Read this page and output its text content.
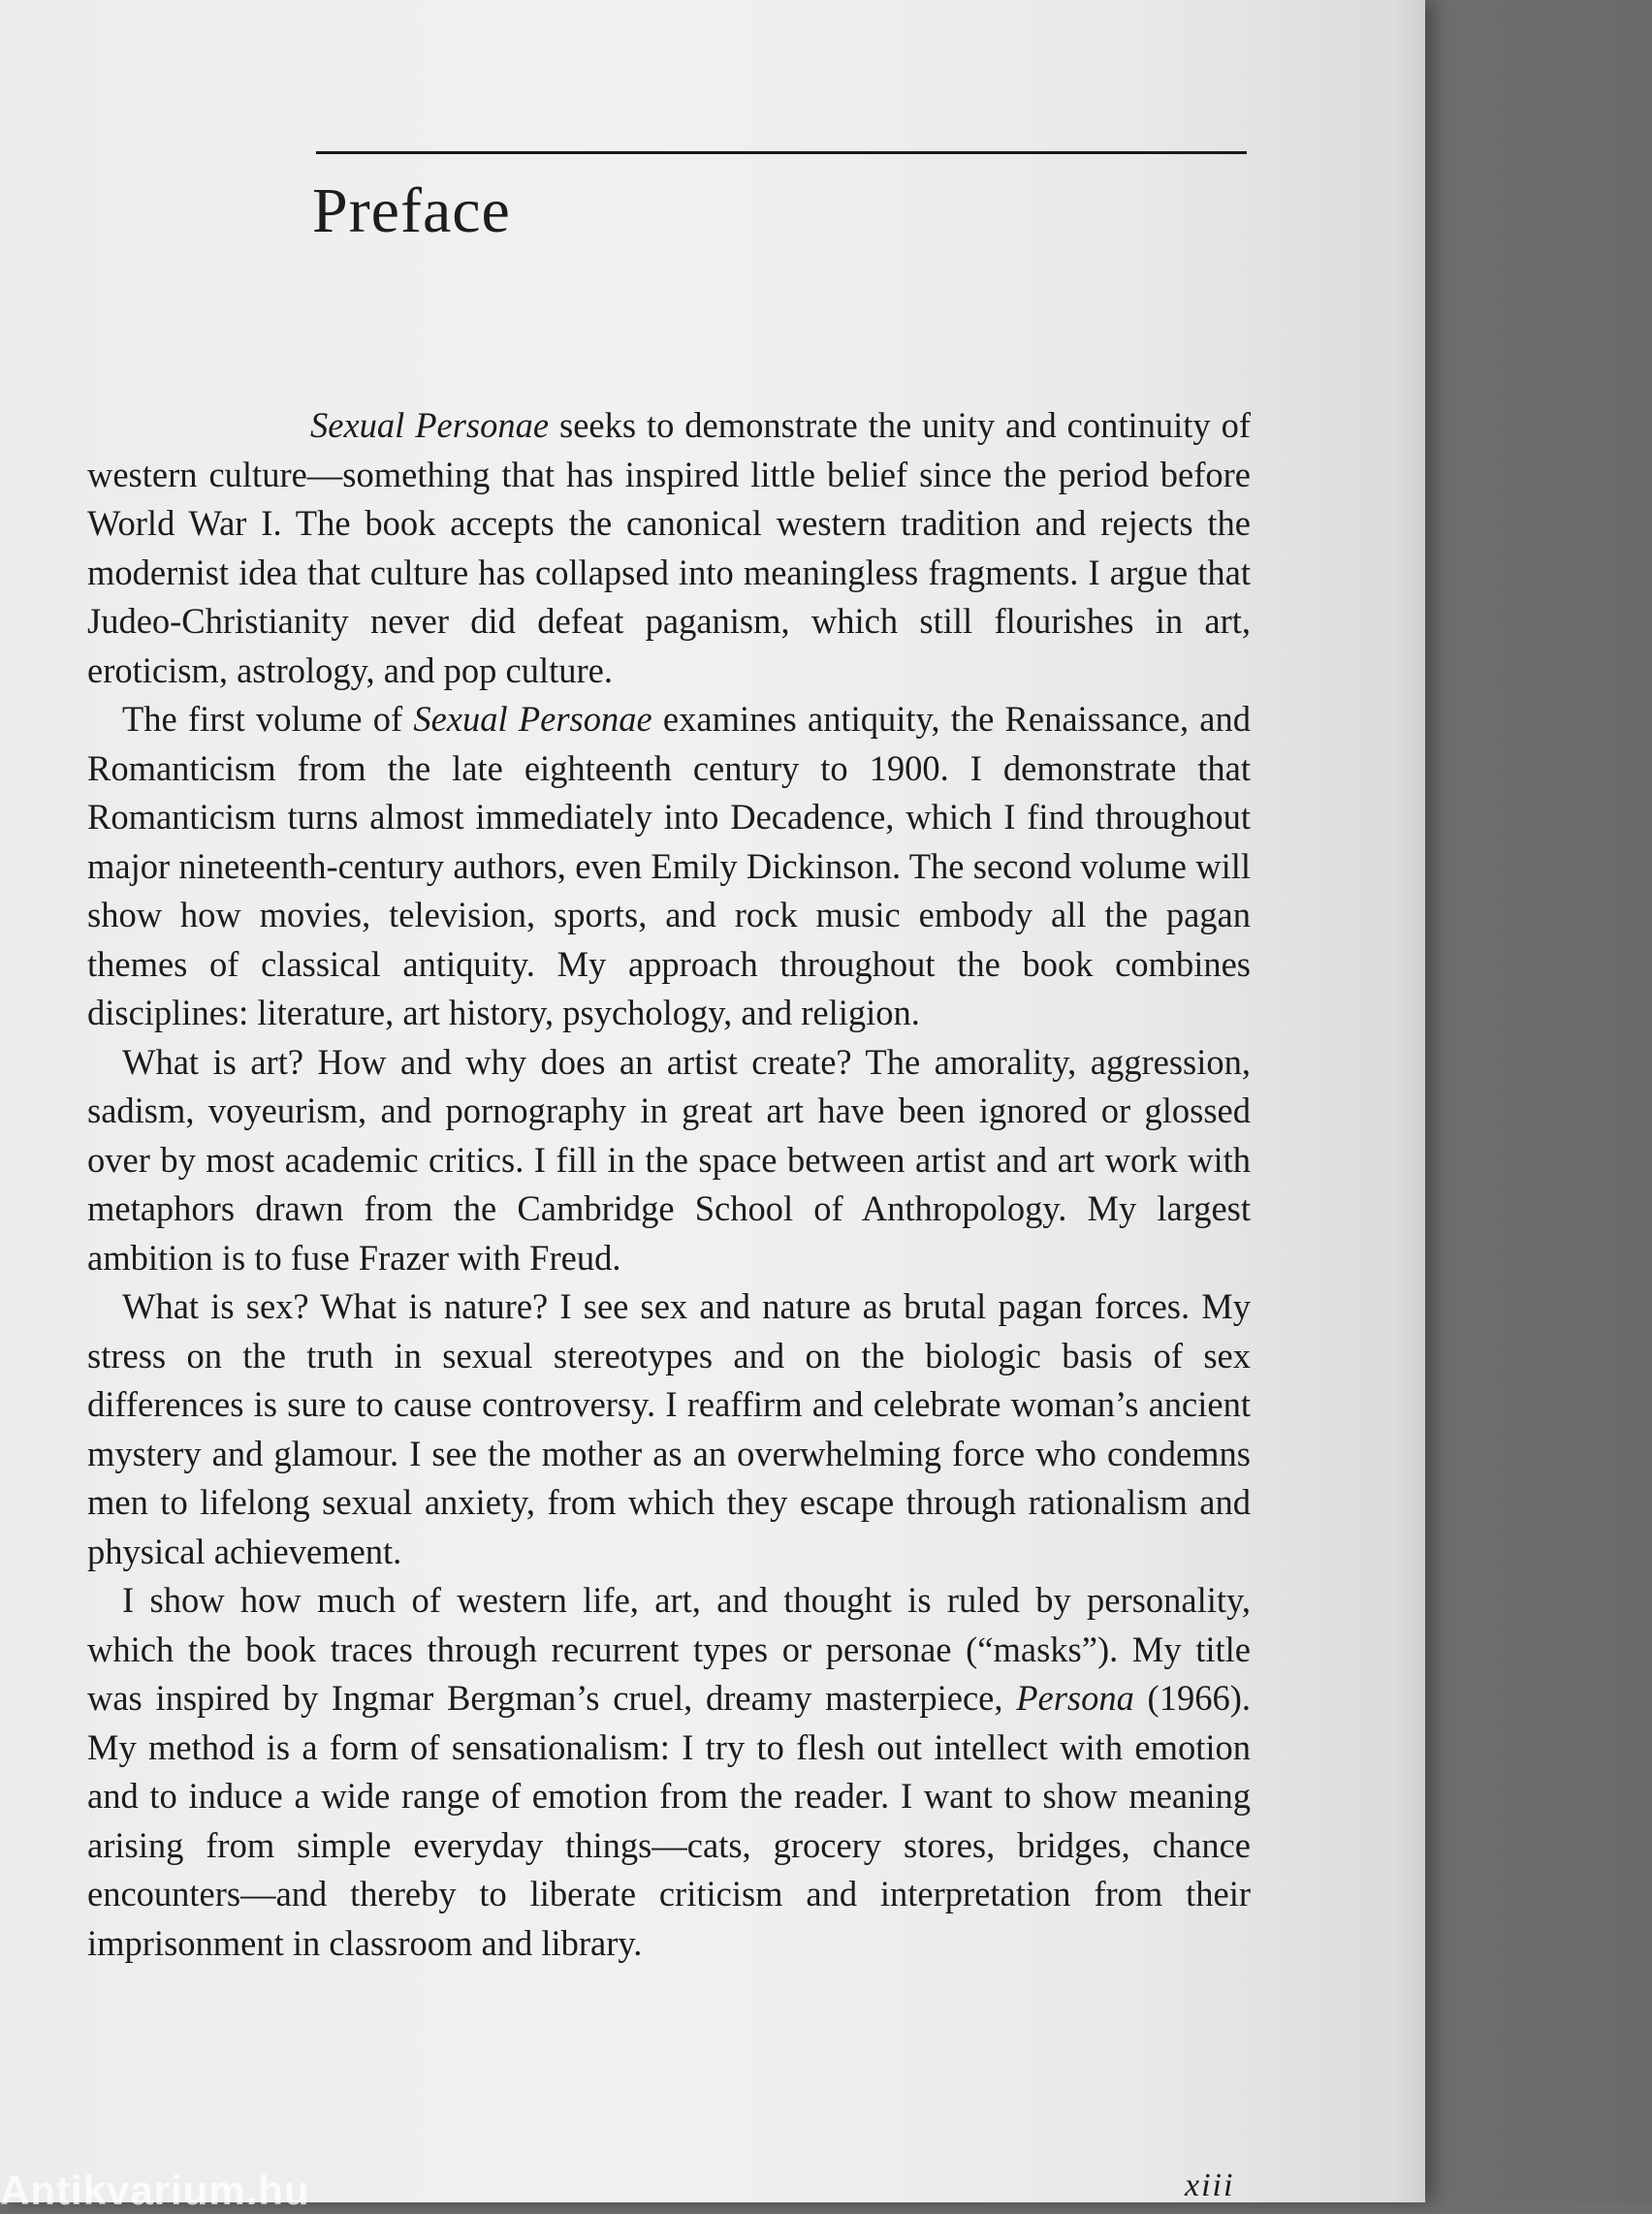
Preface

Sexual Personae seeks to demonstrate the unity and continuity of western culture—something that has inspired little belief since the period before World War I. The book accepts the canonical western tradition and rejects the modernist idea that culture has collapsed into meaningless fragments. I argue that Judeo-Christianity never did defeat paganism, which still flourishes in art, eroticism, astrology, and pop culture.

The first volume of Sexual Personae examines antiquity, the Renaissance, and Romanticism from the late eighteenth century to 1900. I demonstrate that Romanticism turns almost immediately into Decadence, which I find throughout major nineteenth-century authors, even Emily Dickinson. The second volume will show how movies, television, sports, and rock music embody all the pagan themes of classical antiquity. My approach throughout the book combines disciplines: literature, art history, psychology, and religion.

What is art? How and why does an artist create? The amorality, aggression, sadism, voyeurism, and pornography in great art have been ignored or glossed over by most academic critics. I fill in the space between artist and art work with metaphors drawn from the Cambridge School of Anthropology. My largest ambition is to fuse Frazer with Freud.

What is sex? What is nature? I see sex and nature as brutal pagan forces. My stress on the truth in sexual stereotypes and on the biologic basis of sex differences is sure to cause controversy. I reaffirm and celebrate woman’s ancient mystery and glamour. I see the mother as an overwhelming force who condemns men to lifelong sexual anxiety, from which they escape through rationalism and physical achievement.

I show how much of western life, art, and thought is ruled by personality, which the book traces through recurrent types or personae (“masks”). My title was inspired by Ingmar Bergman’s cruel, dreamy masterpiece, Persona (1966). My method is a form of sensationalism: I try to flesh out intellect with emotion and to induce a wide range of emotion from the reader. I want to show meaning arising from simple everyday things—cats, grocery stores, bridges, chance encounters—and thereby to liberate criticism and interpretation from their imprisonment in classroom and library.

xiii
Antikvarium.hu
